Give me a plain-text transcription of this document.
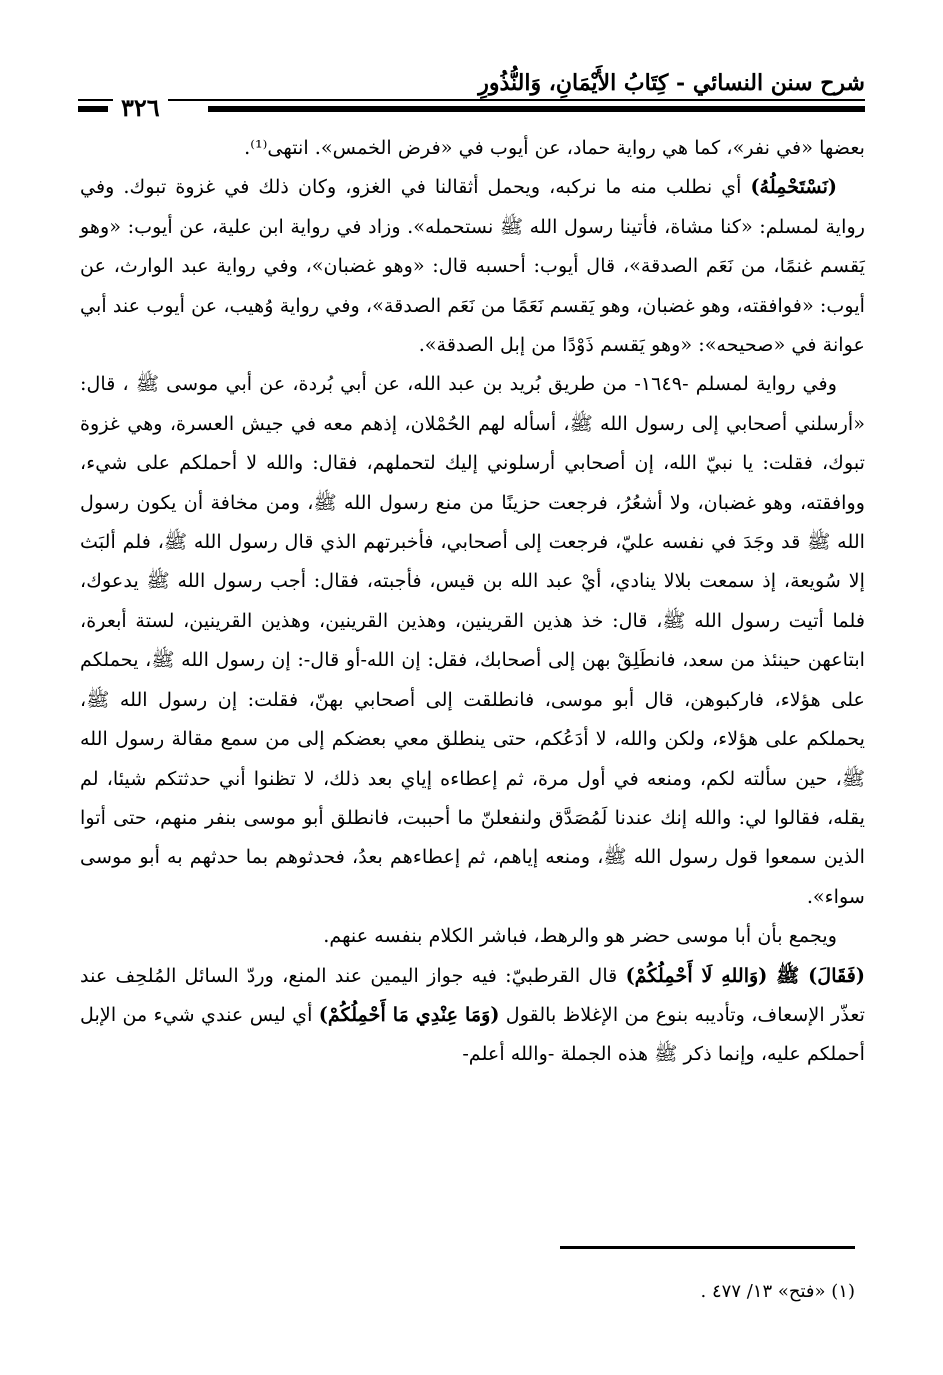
شرح سنن النسائي - كِتَابُ الأَيْمَانِ، وَالنُّذُورِ
٣٢٦

بعضها «في نفر»، كما هي رواية حماد، عن أيوب في «فرض الخمس». انتهى⁽¹⁾.

(نَسْتَحْمِلُهُ) أي نطلب منه ما نركبه، ويحمل أثقالنا في الغزو، وكان ذلك في غزوة تبوك. وفي رواية لمسلم: «كنا مشاة، فأتينا رسول الله ﷺ نستحمله». وزاد في رواية ابن علية، عن أيوب: «وهو يَقسم غنمًا، من نَعَم الصدقة»، قال أيوب: أحسبه قال: «وهو غضبان»، وفي رواية عبد الوارث، عن أيوب: «فوافقته، وهو غضبان، وهو يَقسم نَعَمًا من نَعَم الصدقة»، وفي رواية وُهيب، عن أيوب عند أبي عوانة في «صحيحه»: «وهو يَقسم ذَوْدًا من إبل الصدقة».

وفي رواية لمسلم -١٦٤٩- من طريق بُريد بن عبد الله، عن أبي بُردة، عن أبي موسى ﷺ ، قال: «أرسلني أصحابي إلى رسول الله ﷺ، أسأله لهم الحُمْلان، إذهم معه في جيش العسرة، وهي غزوة تبوك، فقلت: يا نبيّ الله، إن أصحابي أرسلوني إليك لتحملهم، فقال: والله لا أحملكم على شيء، ووافقته، وهو غضبان، ولا أشعُرُ، فرجعت حزينًا من منع رسول الله ﷺ، ومن مخافة أن يكون رسول الله ﷺ قد وجَدَ في نفسه عليّ، فرجعت إلى أصحابي، فأخبرتهم الذي قال رسول الله ﷺ، فلم ألبَث إلا سُويعة، إذ سمعت بلالا ينادي، أيْ عبد الله بن قيس، فأجبته، فقال: أجب رسول الله ﷺ يدعوك، فلما أتيت رسول الله ﷺ، قال: خذ هذين القرينين، وهذين القرينين، وهذين القرينين، لستة أبعرة، ابتاعهن حينئذ من سعد، فانطَلِقْ بهن إلى أصحابك، فقل: إن الله-أو قال-: إن رسول الله ﷺ، يحملكم على هؤلاء، فاركبوهن، قال أبو موسى، فانطلقت إلى أصحابي بهنّ، فقلت: إن رسول الله ﷺ، يحملكم على هؤلاء، ولكن والله، لا أدَعُكم، حتى ينطلق معي بعضكم إلى من سمع مقالة رسول الله ﷺ، حين سألته لكم، ومنعه في أول مرة، ثم إعطاءه إياي بعد ذلك، لا تظنوا أني حدثتكم شيئا، لم يقله، فقالوا لي: والله إنك عندنا لَمُصَدَّق ولنفعلنّ ما أحببت، فانطلق أبو موسى بنفر منهم، حتى أتوا الذين سمعوا قول رسول الله ﷺ، ومنعه إياهم، ثم إعطاءهم بعدُ، فحدثوهم بما حدثهم به أبو موسى سواء».

ويجمع بأن أبا موسى حضر هو والرهط، فباشر الكلام بنفسه عنهم.

(فَقَالَ) ﷺ (وَاللهِ لَا أَحْمِلُكُمْ) قال القرطبيّ: فيه جواز اليمين عند المنع، وردّ السائل المُلحِف عند تعذّر الإسعاف، وتأديبه بنوع من الإغلاظ بالقول (وَمَا عِنْدِي مَا أَحْمِلُكُمْ) أي ليس عندي شيء من الإبل أحملكم عليه، وإنما ذكر ﷺ هذه الجملة -والله أعلم-

(١) «فتح» ١٣/ ٤٧٧ .
